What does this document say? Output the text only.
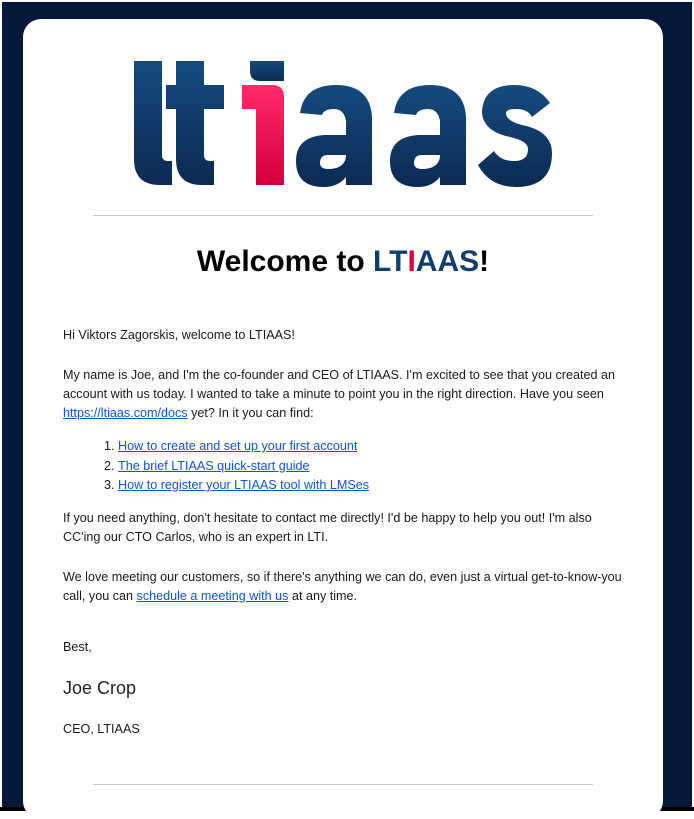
Welcome to LTIAAS!

Hi Viktors Zagorskis, welcome to LTIAAS!

My name is Joe, and I'm the co-founder and CEO of LTIAAS. I'm excited to see that you created an account with us today. I wanted to take a minute to point you in the right direction. Have you seen https://ltiaas.com/docs yet? In it you can find:

1. How to create and set up your first account
2. The brief LTIAAS quick-start guide
3. How to register your LTIAAS tool with LMSes

If you need anything, don't hesitate to contact me directly! I'd be happy to help you out! I'm also CC'ing our CTO Carlos, who is an expert in LTI.

We love meeting our customers, so if there's anything we can do, even just a virtual get-to-know-you call, you can schedule a meeting with us at any time.

Best,

Joe Crop

CEO, LTIAAS
